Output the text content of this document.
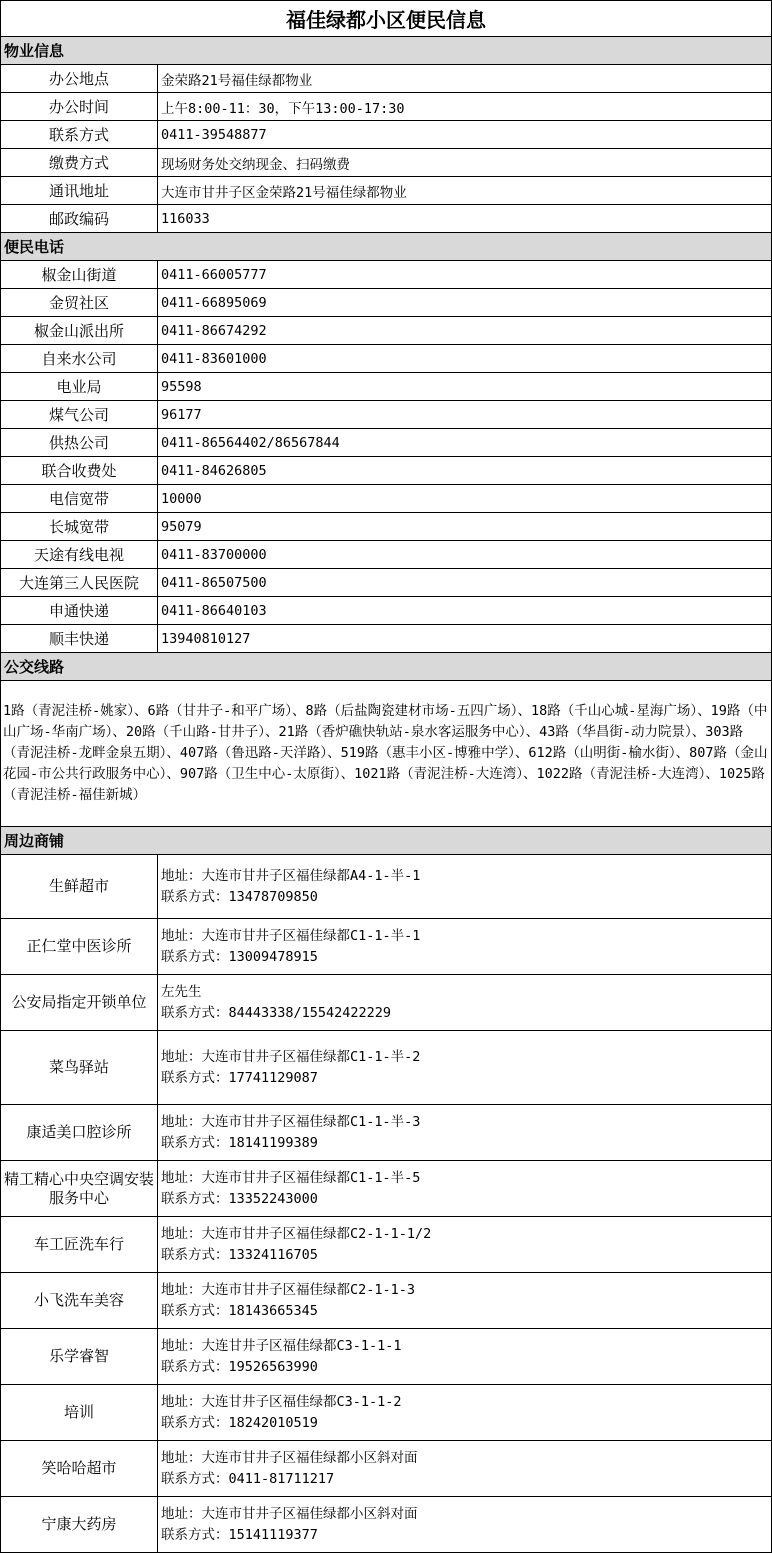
福佳绿都小区便民信息	
物业信息	
办公地点	金荣路21号福佳绿都物业
办公时间	上午8:00-11：30，下午13:00-17:30
联系方式	0411-39548877
缴费方式	现场财务处交纳现金、扫码缴费
通讯地址	大连市甘井子区金荣路21号福佳绿都物业
邮政编码	116033
便民电话	
椒金山街道	0411-66005777
金贸社区	0411-66895069
椒金山派出所	0411-86674292
自来水公司	0411-83601000
电业局	95598
煤气公司	96177
供热公司	0411-86564402/86567844
联合收费处	0411-84626805
电信宽带	10000
长城宽带	95079
天途有线电视	0411-83700000
大连第三人民医院	0411-86507500
申通快递	0411-86640103
顺丰快递	13940810127
公交线路	
1路（青泥洼桥-姚家）、6路（甘井子-和平广场）、8路（后盐陶瓷建材市场-五四广场）、18路（千山心城-星海广场）、19路（中山广场-华南广场）、20路（千山路-甘井子）、21路（香炉礁快轨站-泉水客运服务中心）、43路（华昌街-动力院景）、303路（青泥洼桥-龙畔金泉五期）、407路（鲁迅路-天洋路）、519路（惠丰小区-博雅中学）、612路（山明街-榆水街）、807路（金山花园-市公共行政服务中心）、907路（卫生中心-太原街）、1021路（青泥洼桥-大连湾）、1022路（青泥洼桥-大连湾）、1025路（青泥洼桥-福佳新城）	
周边商铺	
生鲜超市	地址：大连市甘井子区福佳绿都A4-1-半-1
联系方式：13478709850

正仁堂中医诊所	地址：大连市甘井子区福佳绿都C1-1-半-1
联系方式：13009478915

公安局指定开锁单位	左先生
联系方式：84443338/15542422229

菜鸟驿站	地址：大连市甘井子区福佳绿都C1-1-半-2
联系方式：17741129087

康适美口腔诊所	地址：大连市甘井子区福佳绿都C1-1-半-3
联系方式：18141199389

精工精心中央空调安装服务中心	地址：大连市甘井子区福佳绿都C1-1-半-5
联系方式：13352243000

车工匠洗车行	地址：大连市甘井子区福佳绿都C2-1-1-1/2
联系方式：13324116705

小飞洗车美容	地址：大连市甘井子区福佳绿都C2-1-1-3
联系方式：18143665345

乐学睿智	地址：大连甘井子区福佳绿都C3-1-1-1
联系方式：19526563990

培训	地址：大连甘井子区福佳绿都C3-1-1-2
联系方式：18242010519

笑哈哈超市	地址：大连市甘井子区福佳绿都小区斜对面
联系方式：0411-81711217

宁康大药房	地址：大连市甘井子区福佳绿都小区斜对面
联系方式：15141119377
